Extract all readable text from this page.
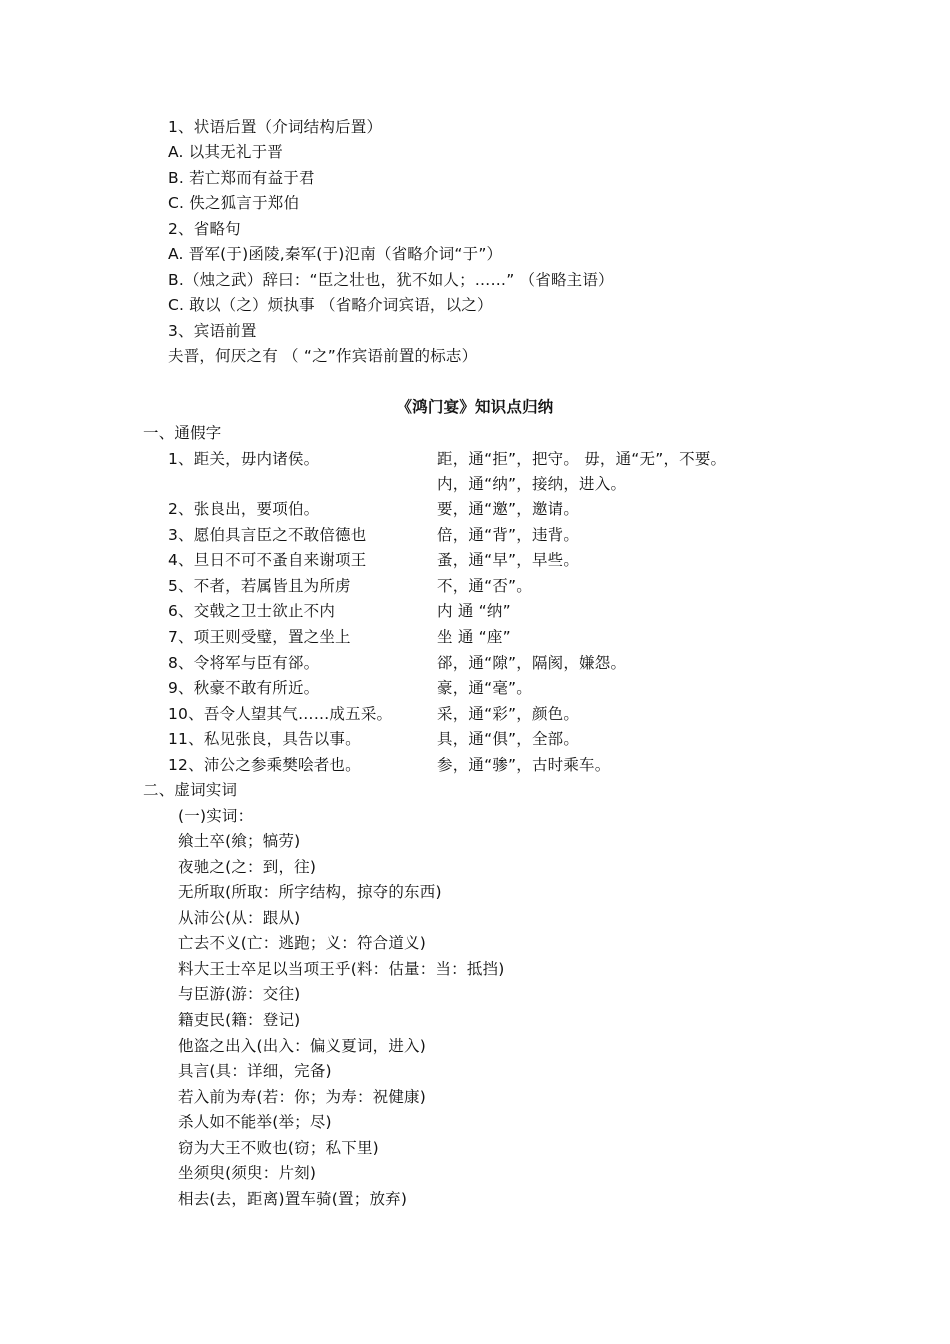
1、状语后置（介词结构后置）
A. 以其无礼于晋
B. 若亡郑而有益于君
C. 佚之狐言于郑伯
2、省略句
A. 晋军(于)函陵,秦军(于)氾南（省略介词“于”）
B.（烛之武）辞曰：“臣之壮也，犹不如人；……” （省略主语）
C. 敢以（之）烦执事 （省略介词宾语，以之）
3、宾语前置
夫晋，何厌之有 （ “之”作宾语前置的标志）
《鸿门宴》知识点归纳
一、通假字
1、距关，毋内诸侯。	距，通“拒”，把守。 毋，通“无”，不要。
内，通“纳”，接纳，进入。
2、张良出，要项伯。	要，通“邀”，邀请。
3、愿伯具言臣之不敢倍德也	倍，通“背”，违背。
4、旦日不可不蚤自来谢项王	蚤，通“早”，早些。
5、不者，若属皆且为所虏	不，通“否”。
6、交戟之卫士欲止不内	内 通 “纳”
7、项王则受璧，置之坐上	坐 通 “座”
8、令将军与臣有郤。	郤，通“隙”，隔阂，嫌怨。
9、秋豪不敢有所近。	豪，通“毫”。
10、吾令人望其气……成五采。	采，通“彩”，颜色。
11、私见张良，具告以事。	具，通“俱”，全部。
12、沛公之参乘樊哙者也。	参，通“骖”，古时乘车。
二、虚词实词
(一)实词：
飨土卒(飨；犒劳)
夜驰之(之：到，往)
无所取(所取：所字结构，掠夺的东西)
从沛公(从：跟从)
亡去不义(亡：逃跑；义：符合道义)
料大王士卒足以当项王乎(料：估量：当：抵挡)
与臣游(游：交往)
籍吏民(籍：登记)
他盗之出入(出入：偏义夏词，进入)
具言(具：详细，完备)
若入前为寿(若：你；为寿：祝健康)
杀人如不能举(举；尽)
窃为大王不败也(窃；私下里)
坐须臾(须臾：片刻)
相去(去，距离)置车骑(置；放弃)
